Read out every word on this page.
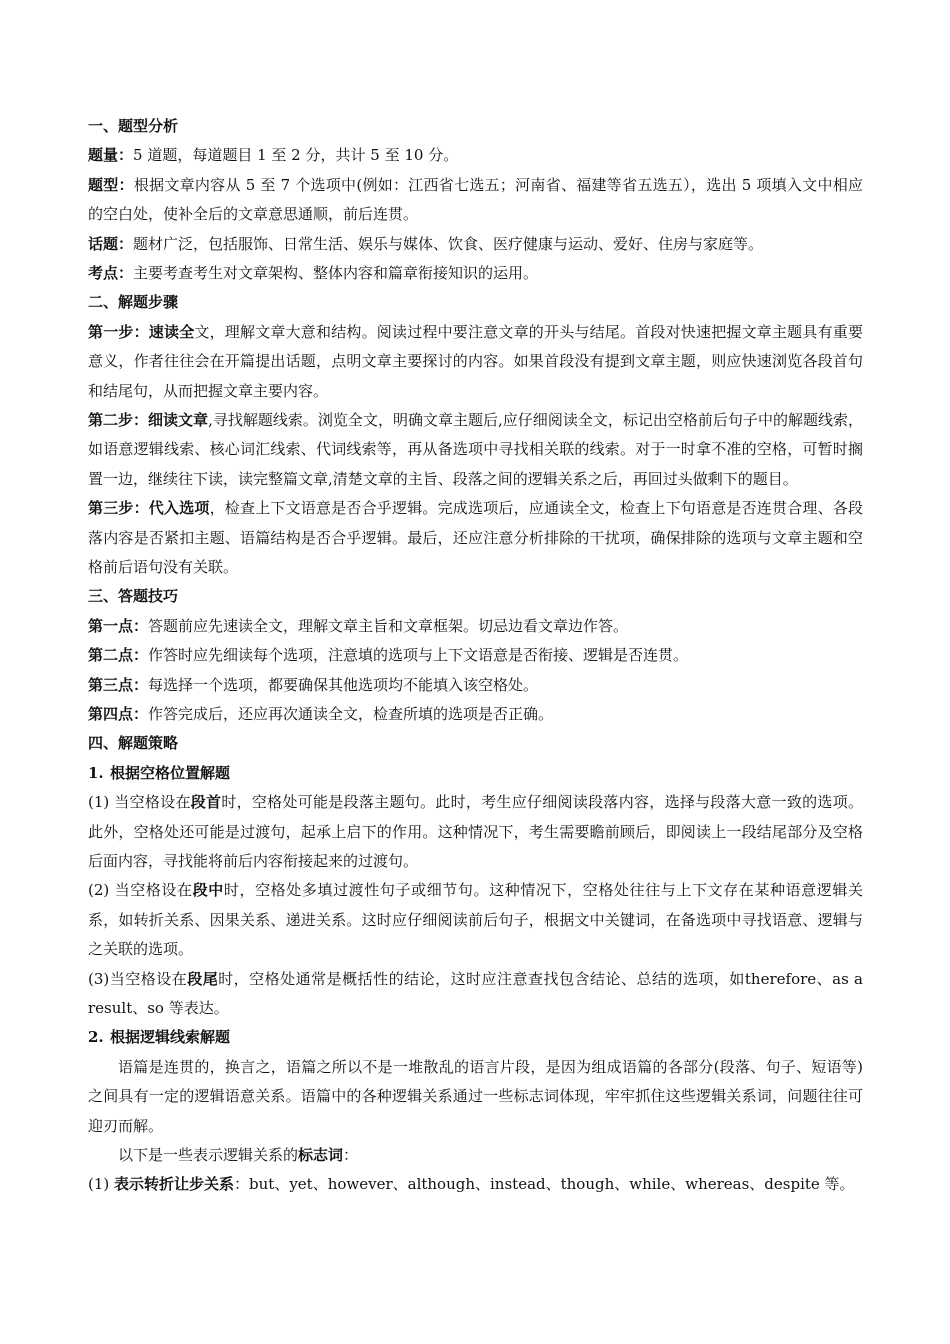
一、题型分析
题量：5 道题，每道题目 1 至 2 分，共计 5 至 10 分。

题型：根据文章内容从 5 至 7 个选项中(例如：江西省七选五；河南省、福建等省五选五），选出 5 项填入文中相应的空白处，使补全后的文章意思通顺，前后连贯。

话题：题材广泛，包括服饰、日常生活、娱乐与媒体、饮食、医疗健康与运动、爱好、住房与家庭等。
考点：主要考查考生对文章架构、整体内容和篇章衔接知识的运用。
二、解题步骤

第一步：速读全文，理解文章大意和结构。阅读过程中要注意文章的开头与结尾。首段对快速把握文章主题具有重要意义，作者往往会在开篇提出话题，点明文章主要探讨的内容。如果首段没有提到文章主题，则应快速浏览各段首句和结尾句，从而把握文章主要内容。

第二步：细读文章,寻找解题线索。浏览全文，明确文章主题后,应仔细阅读全文，标记出空格前后句子中的解题线索，如语意逻辑线索、核心词汇线索、代词线索等，再从备选项中寻找相关联的线索。对于一时拿不准的空格，可暂时搁置一边，继续往下读，读完整篇文章,清楚文章的主旨、段落之间的逻辑关系之后，再回过头做剩下的题目。

第三步：代入选项，检查上下文语意是否合乎逻辑。完成选项后，应通读全文，检查上下句语意是否连贯合理、各段落内容是否紧扣主题、语篇结构是否合乎逻辑。最后，还应注意分析排除的干扰项，确保排除的选项与文章主题和空格前后语句没有关联。

三、答题技巧
第一点：答题前应先速读全文，理解文章主旨和文章框架。切忌边看文章边作答。
第二点：作答时应先细读每个选项，注意填的选项与上下文语意是否衔接、逻辑是否连贯。
第三点：每选择一个选项，都要确保其他选项均不能填入该空格处。
第四点：作答完成后，还应再次通读全文，检查所填的选项是否正确。
四、解题策略
1. 根据空格位置解题

(1) 当空格设在段首时，空格处可能是段落主题句。此时，考生应仔细阅读段落内容，选择与段落大意一致的选项。此外，空格处还可能是过渡句，起承上启下的作用。这种情况下，考生需要瞻前顾后，即阅读上一段结尾部分及空格后面内容，寻找能将前后内容衔接起来的过渡句。

(2) 当空格设在段中时，空格处多填过渡性句子或细节句。这种情况下，空格处往往与上下文存在某种语意逻辑关系，如转折关系、因果关系、递进关系。这时应仔细阅读前后句子，根据文中关键词，在备选项中寻找语意、逻辑与之关联的选项。

(3)当空格设在段尾时，空格处通常是概括性的结论，这时应注意查找包含结论、总结的选项，如therefore、as a result、so 等表达。

2. 根据逻辑线索解题

语篇是连贯的，换言之，语篇之所以不是一堆散乱的语言片段，是因为组成语篇的各部分(段落、句子、短语等)之间具有一定的逻辑语意关系。语篇中的各种逻辑关系通过一些标志词体现，牢牢抓住这些逻辑关系词，问题往往可迎刃而解。

以下是一些表示逻辑关系的标志词：

(1) 表示转折让步关系：but、yet、however、although、instead、though、while、whereas、despite 等。
